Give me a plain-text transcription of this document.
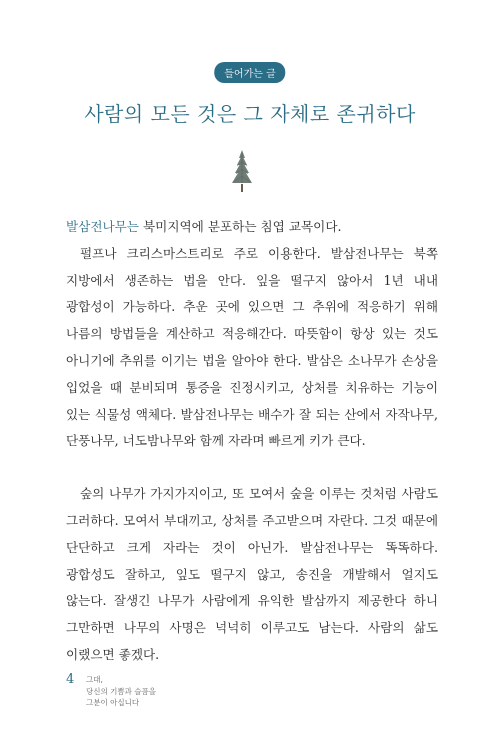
들어가는 글
사람의 모든 것은 그 자체로 존귀하다

발삼전나무는 북미지역에 분포하는 침엽 교목이다.

펄프나 크리스마스트리로 주로 이용한다. 발삼전나무는 북쪽 지방에서 생존하는 법을 안다. 잎을 떨구지 않아서 1년 내내 광합성이 가능하다. 추운 곳에 있으면 그 추위에 적응하기 위해 나름의 방법들을 계산하고 적응해간다. 따뜻함이 항상 있는 것도 아니기에 추위를 이기는 법을 알아야 한다. 발삼은 소나무가 손상을 입었을 때 분비되며 통증을 진정시키고, 상처를 치유하는 기능이 있는 식물성 액체다. 발삼전나무는 배수가 잘 되는 산에서 자작나무, 단풍나무, 너도밤나무와 함께 자라며 빠르게 키가 큰다.

숲의 나무가 가지가지이고, 또 모여서 숲을 이루는 것처럼 사람도 그러하다. 모여서 부대끼고, 상처를 주고받으며 자란다. 그것 때문에 단단하고 크게 자라는 것이 아닌가. 발삼전나무는 똑똑하다. 광합성도 잘하고, 잎도 떨구지 않고, 송진을 개발해서 얼지도 않는다. 잘생긴 나무가 사람에게 유익한 발삼까지 제공한다 하니 그만하면 나무의 사명은 넉넉히 이루고도 남는다. 사람의 삶도 이랬으면 좋겠다.

4 그대,
당신의 기쁨과 슬픔을
그분이 아십니다
